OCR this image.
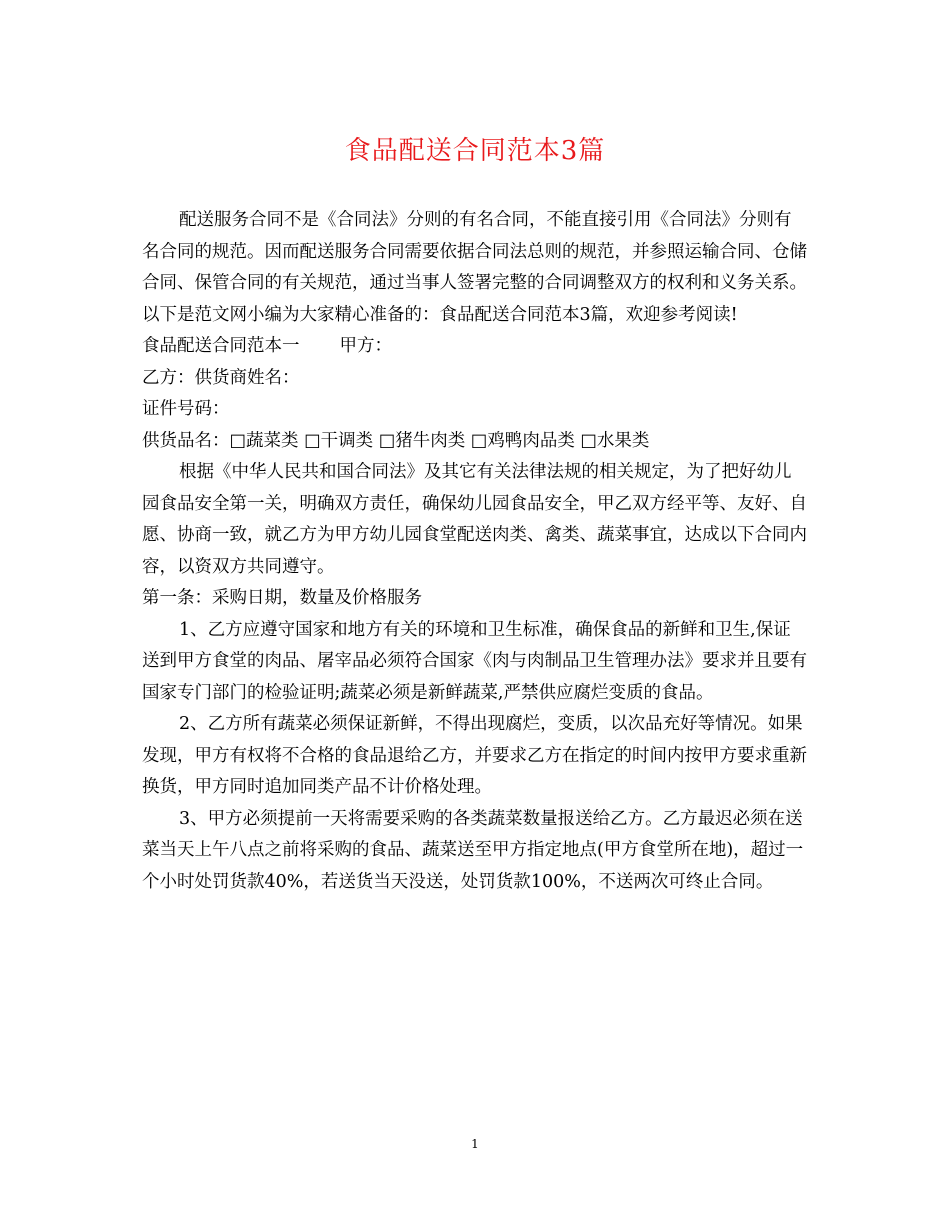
食品配送合同范本3篇

配送服务合同不是《合同法》分则的有名合同，不能直接引用《合同法》分则有名合同的规范。因而配送服务合同需要依据合同法总则的规范，并参照运输合同、仓储合同、保管合同的有关规范，通过当事人签署完整的合同调整双方的权利和义务关系。以下是范文网小编为大家精心准备的：食品配送合同范本3篇，欢迎参考阅读!

食品配送合同范本一 甲方：

乙方：供货商姓名：

证件号码：

供货品名：□蔬菜类 □干调类 □猪牛肉类 □鸡鸭肉品类 □水果类

根据《中华人民共和国合同法》及其它有关法律法规的相关规定，为了把好幼儿园食品安全第一关，明确双方责任，确保幼儿园食品安全，甲乙双方经平等、友好、自愿、协商一致，就乙方为甲方幼儿园食堂配送肉类、禽类、蔬菜事宜，达成以下合同内容，以资双方共同遵守。

第一条：采购日期，数量及价格服务

1、乙方应遵守国家和地方有关的环境和卫生标准，确保食品的新鲜和卫生,保证送到甲方食堂的肉品、屠宰品必须符合国家《肉与肉制品卫生管理办法》要求并且要有国家专门部门的检验证明;蔬菜必须是新鲜蔬菜,严禁供应腐烂变质的食品。

2、乙方所有蔬菜必须保证新鲜，不得出现腐烂，变质，以次品充好等情况。如果发现，甲方有权将不合格的食品退给乙方，并要求乙方在指定的时间内按甲方要求重新换货，甲方同时追加同类产品不计价格处理。

3、甲方必须提前一天将需要采购的各类蔬菜数量报送给乙方。乙方最迟必须在送菜当天上午八点之前将采购的食品、蔬菜送至甲方指定地点(甲方食堂所在地)，超过一个小时处罚货款40%，若送货当天没送，处罚货款100%，不送两次可终止合同。

1
